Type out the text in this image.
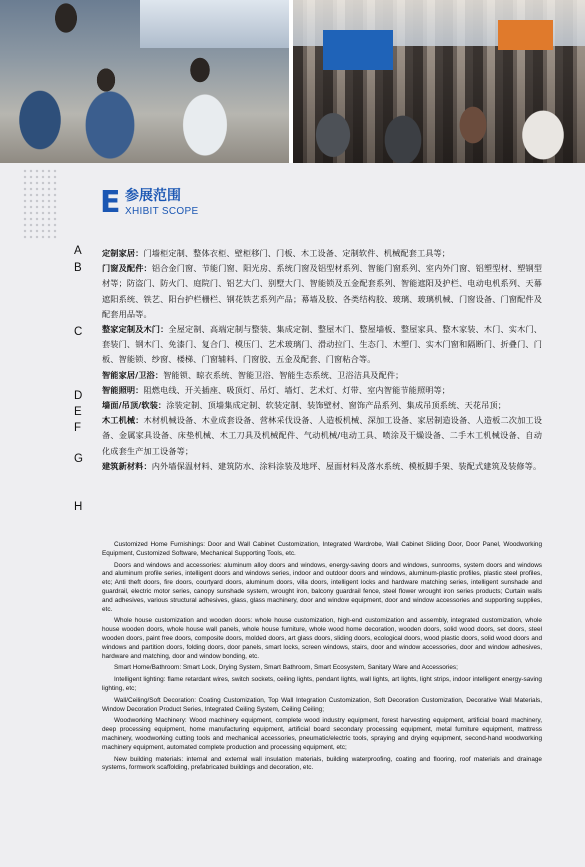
E 参展范围
XHIBIT SCOPE
A
B
C
D
E
F
G
H

定制家居：门墙柜定制、整体衣柜、壁柜移门、门板、木工设备、定制软件、机械配套工具等；

门窗及配件：铝合金门窗、节能门窗、阳光房、系统门窗及铝型材系列、智能门窗系列、室内外门窗、铝塑型材、塑钢型材等；防盗门、防火门、庭院门、铝艺大门、别墅大门、智能锁及五金配套系列、智能遮阳及护栏、电动电机系列、天幕遮阳系统、铁艺、阳台护栏栅栏、钢花铁艺系列产品；幕墙及胶、各类结构胶、玻璃、玻璃机械、门窗设备、门窗配件及配套用品等。

整家定制及木门：全屋定制、高端定制与整装、集成定制、整屋木门、整屋墙板、整屋家具、整木家装、木门、实木门、套装门、钢木门、免漆门、复合门、模压门、艺术玻璃门、滑动拉门、生态门、木塑门、实木门窗和隔断门、折叠门、门板、智能锁、纱窗、楼梯、门窗辅料、门窗胶、五金及配套、门窗粘合等。

智能家居/卫浴：智能锁、晾衣系统、智能卫浴、智能生态系统、卫浴洁具及配件；

智能照明：阻燃电线、开关插座、吸顶灯、吊灯、墙灯、艺术灯、灯带、室内智能节能照明等；

墙面/吊顶/软装：涂装定制、顶墙集成定制、软装定制、装饰壁材、窗饰产品系列、集成吊顶系统、天花吊顶；

木工机械：木材机械设备、木业成套设备、营林采伐设备、人造板机械、深加工设备、家居制造设备、人造板二次加工设备、金属家具设备、床垫机械、木工刀具及机械配件、气动机械/电动工具、喷涂及干燥设备、二手木工机械设备、自动化成套生产加工设备等；

建筑新材料：内外墙保温材料、建筑防水、涂料涂装及地坪、屋面材料及落水系统、模板脚手架、装配式建筑及装修等。

Customized Home Furnishings: Door and Wall Cabinet Customization, Integrated Wardrobe, Wall Cabinet Sliding Door, Door Panel, Woodworking Equipment, Customized Software, Mechanical Supporting Tools, etc.

Doors and windows and accessories: aluminum alloy doors and windows, energy-saving doors and windows, sunrooms, system doors and windows and aluminum profile series, intelligent doors and windows series, indoor and outdoor doors and windows, aluminum-plastic profiles, plastic steel profiles, etc; Anti theft doors, fire doors, courtyard doors, aluminum doors, villa doors, intelligent locks and hardware matching series, intelligent sunshade and guardrail, electric motor series, canopy sunshade system, wrought iron, balcony guardrail fence, steel flower wrought iron series products; Curtain walls and adhesives, various structural adhesives, glass, glass machinery, door and window equipment, door and window accessories and supporting supplies, etc.

Whole house customization and wooden doors: whole house customization, high-end customization and assembly, integrated customization, whole house wooden doors, whole house wall panels, whole house furniture, whole wood home decoration, wooden doors, solid wood doors, set doors, steel wooden doors, paint free doors, composite doors, molded doors, art glass doors, sliding doors, ecological doors, wood plastic doors, solid wood doors and windows and partition doors, folding doors, door panels, smart locks, screen windows, stairs, door and window accessories, door and window adhesives, hardware and matching, door and window bonding, etc.

Smart Home/Bathroom: Smart Lock, Drying System, Smart Bathroom, Smart Ecosystem, Sanitary Ware and Accessories;

Intelligent lighting: flame retardant wires, switch sockets, ceiling lights, pendant lights, wall lights, art lights, light strips, indoor intelligent energy-saving lighting, etc;

Wall/Ceiling/Soft Decoration: Coating Customization, Top Wall Integration Customization, Soft Decoration Customization, Decorative Wall Materials, Window Decoration Product Series, Integrated Ceiling System, Ceiling Ceiling;

Woodworking Machinery: Wood machinery equipment, complete wood industry equipment, forest harvesting equipment, artificial board machinery, deep processing equipment, home manufacturing equipment, artificial board secondary processing equipment, metal furniture equipment, mattress machinery, woodworking cutting tools and mechanical accessories, pneumatic/electric tools, spraying and drying equipment, second-hand woodworking machinery equipment, automated complete production and processing equipment, etc;

New building materials: internal and external wall insulation materials, building waterproofing, coating and flooring, roof materials and drainage systems, formwork scaffolding, prefabricated buildings and decoration, etc.
